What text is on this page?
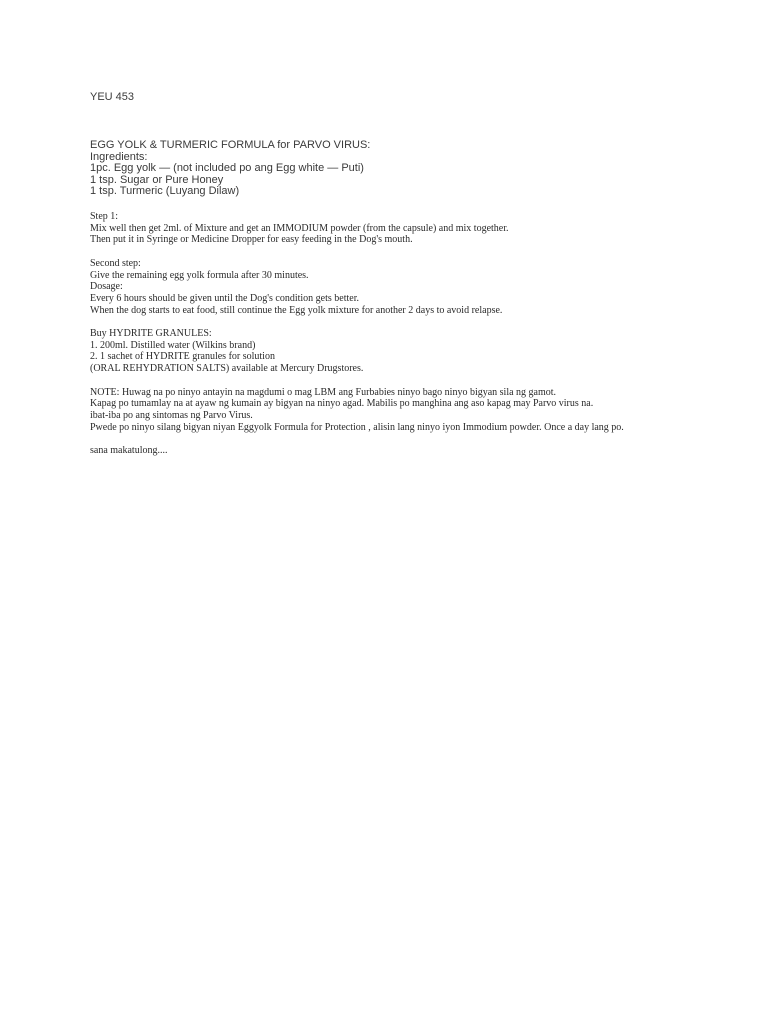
YEU 453
EGG YOLK & TURMERIC FORMULA for PARVO VIRUS:
Ingredients:
1pc. Egg yolk — (not included po ang Egg white — Puti)
1 tsp. Sugar or Pure Honey
1 tsp. Turmeric (Luyang Dilaw)
Step 1:
Mix well then get 2ml. of Mixture and get an IMMODIUM powder (from the capsule) and mix together.
Then put it in Syringe or Medicine Dropper for easy feeding in the Dog's mouth.
Second step:
Give the remaining egg yolk formula after 30 minutes.
Dosage:
Every 6 hours should be given until the Dog's condition gets better.
When the dog starts to eat food, still continue the Egg yolk mixture for another 2 days to avoid relapse.
Buy HYDRITE GRANULES:
1. 200ml. Distilled water (Wilkins brand)
2. 1 sachet of HYDRITE granules for solution
(ORAL REHYDRATION SALTS) available at Mercury Drugstores.
NOTE: Huwag na po ninyo antayin na magdumi o mag LBM ang Furbabies ninyo bago ninyo bigyan sila ng gamot.
Kapag po tumamlay na at ayaw ng kumain ay bigyan na ninyo agad. Mabilis po manghina ang aso kapag may Parvo virus na.
ibat-iba po ang sintomas ng Parvo Virus.
Pwede po ninyo silang bigyan niyan Eggyolk Formula for Protection , alisin lang ninyo iyon Immodium powder. Once a day lang po.
sana makatulong....
